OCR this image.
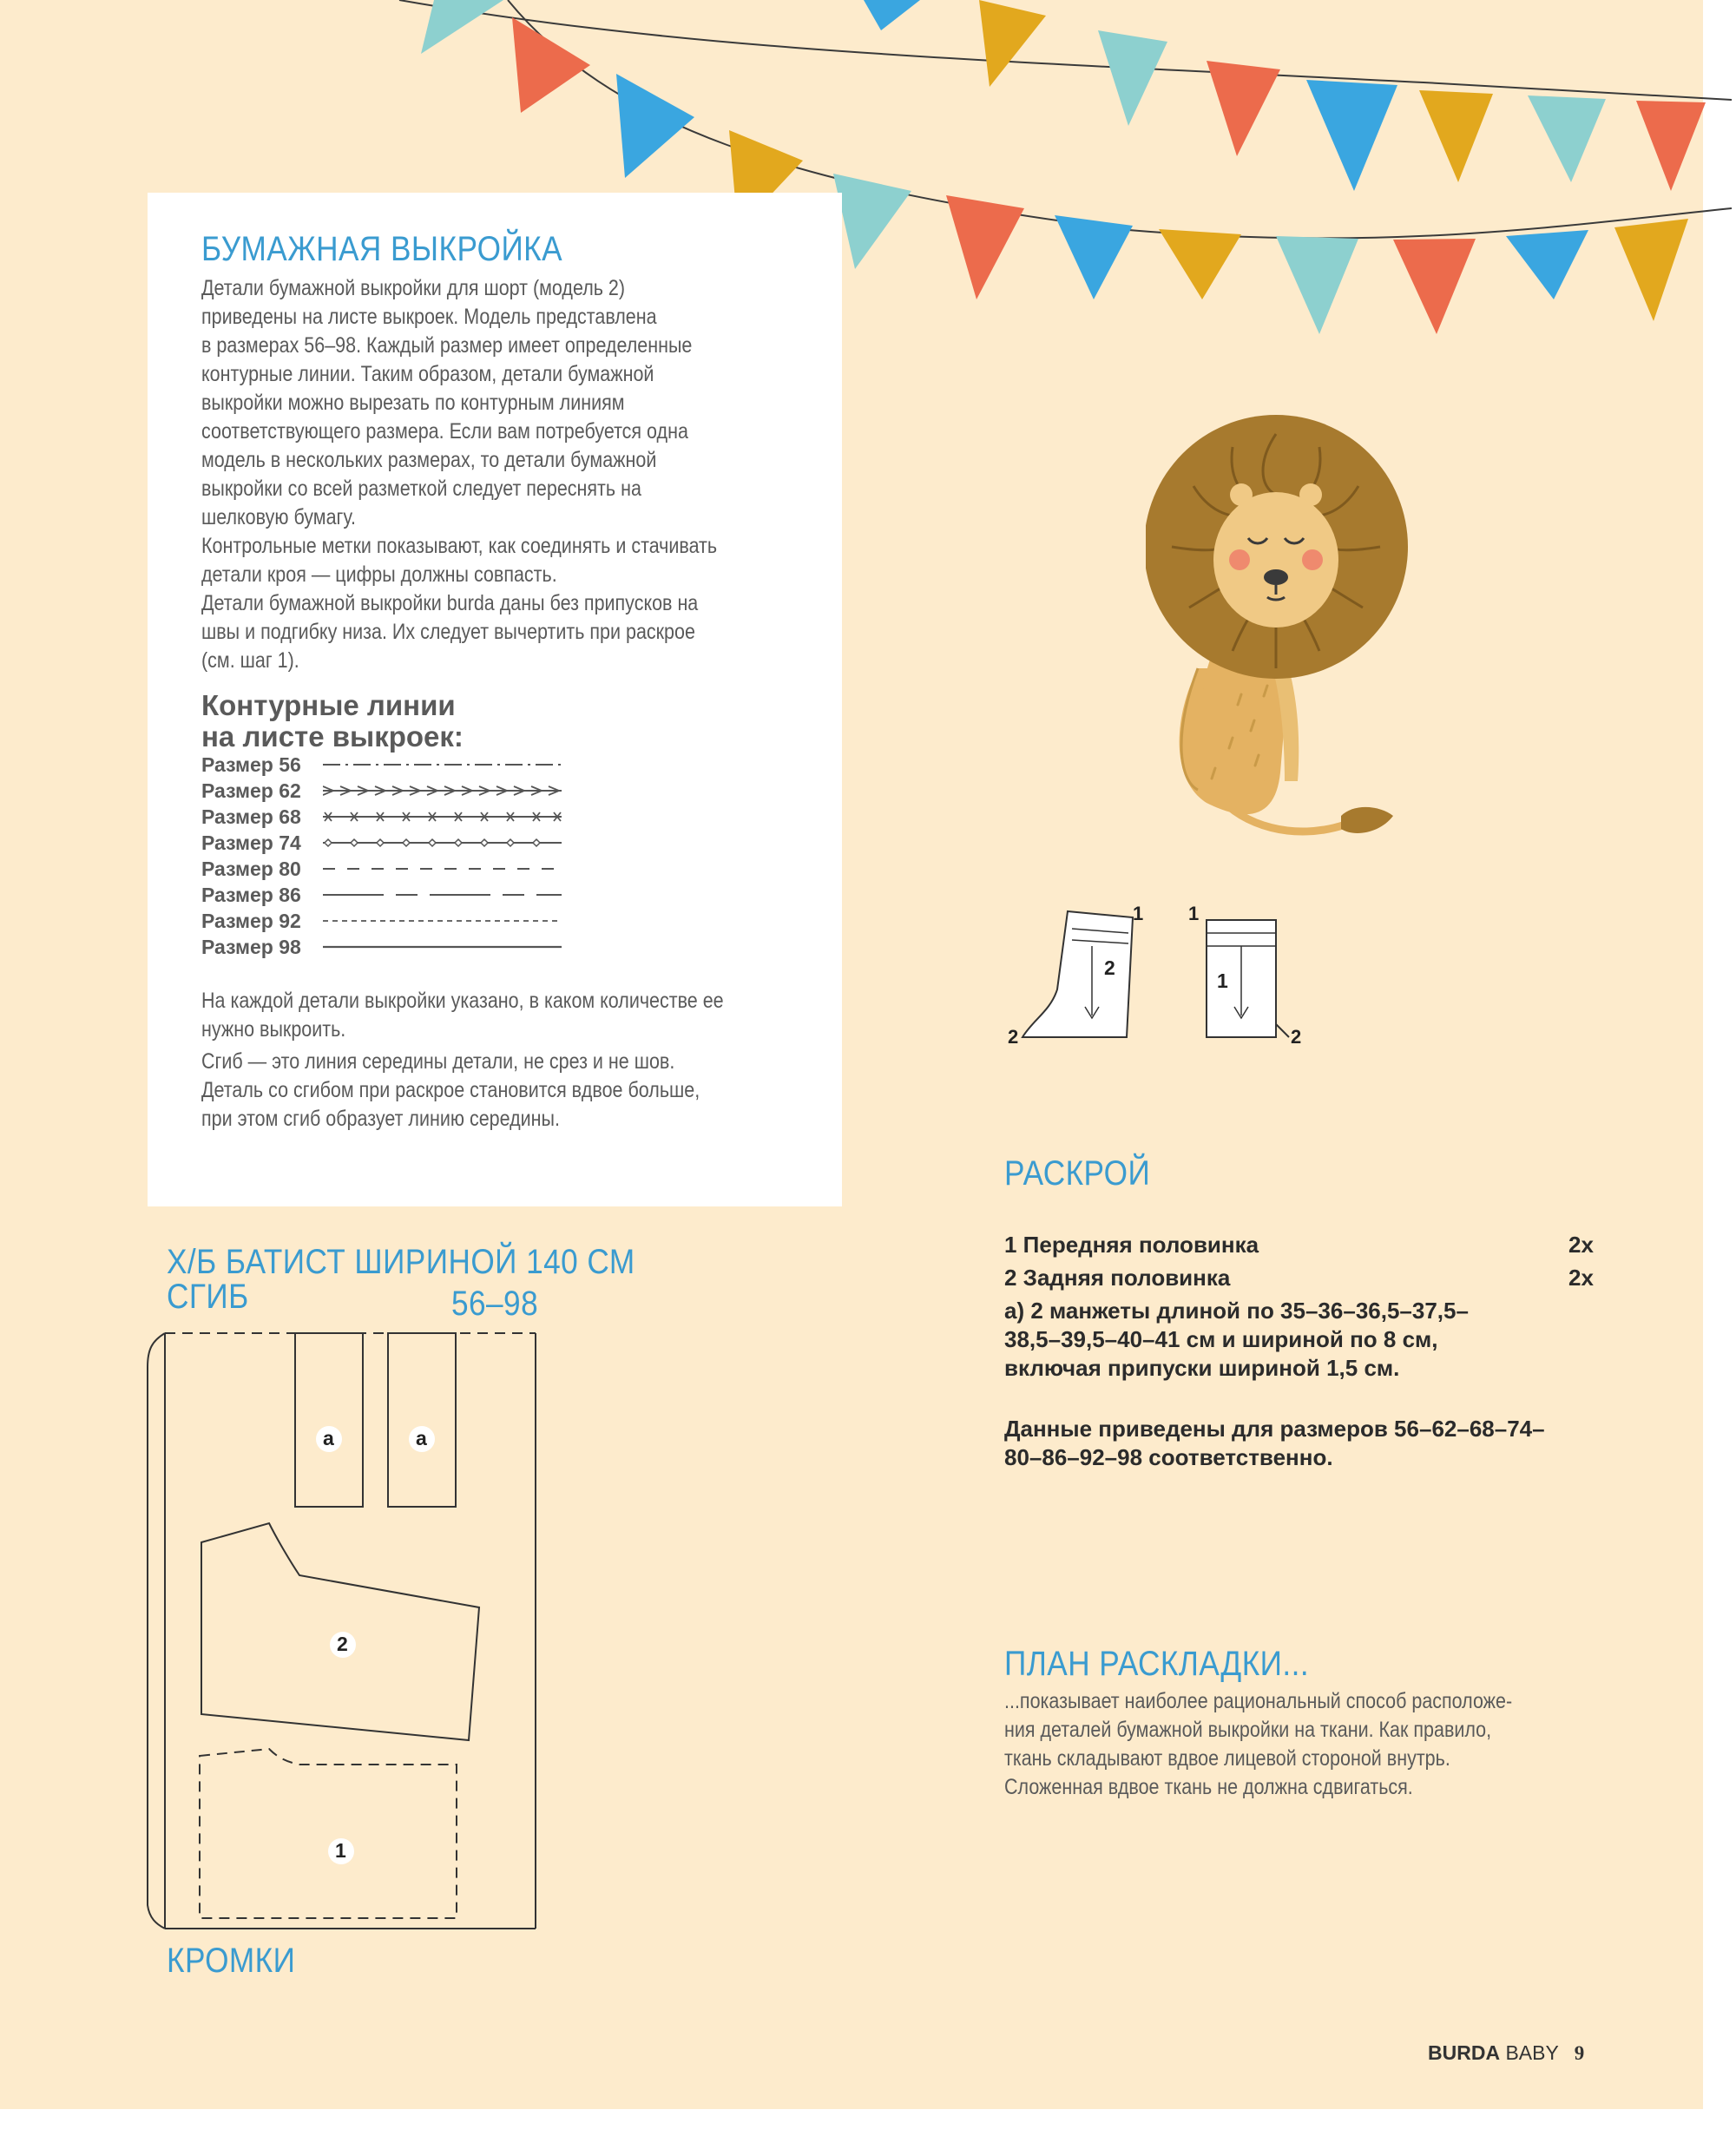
БУМАЖНАЯ ВЫКРОЙКА

Детали бумажной выкройки для шорт (модель 2)

приведены на листе выкроек. Модель представлена

в размерах 56–98. Каждый размер имеет определенные

контурные линии. Таким образом, детали бумажной

выкройки можно вырезать по контурным линиям

соответствующего размера. Если вам потребуется одна

модель в нескольких размерах, то детали бумажной

выкройки со всей разметкой следует переснять на

шелковую бумагу.

Контрольные метки показывают, как соединять и стачивать

детали кроя — цифры должны совпасть.

Детали бумажной выкройки burda даны без припусков на

швы и подгибку низа. Их следует вычертить при раскрое

(см. шаг 1).

Контурные линии
на листе выкроек:
Размер 56
Размер 62
Размер 68
Размер 74
Размер 80
Размер 86
Размер 92
Размер 98

На каждой детали выкройки указано, в каком количестве ее

нужно выкроить.

Сгиб — это линия середины детали, не срез и не шов.

Деталь со сгибом при раскрое становится вдвое больше,

при этом сгиб образует линию середины.

2
1
1 1
2	2
РАСКРОЙ
1 Передняя половинка	2x
2 Задняя половинка	2x
а) 2 манжеты длиной по 35–36–36,5–37,5–
38,5–39,5–40–41 см и шириной по 8 см,
включая припуски шириной 1,5 см.
Данные приведены для размеров 56–62–68–74–
80–86–92–98 соответственно.
ПЛАН РАСКЛАДКИ...

...показывает наиболее рациональный способ расположе-

ния деталей бумажной выкройки на ткани. Как правило,

ткань складывают вдвое лицевой стороной внутрь.

Сложенная вдвое ткань не должна сдвигаться.

Х/Б БАТИСТ ШИРИНОЙ 140 СМ
СГИБ	56–98
а	а
2
1
КРОМКИ
BURDA BABY 9
